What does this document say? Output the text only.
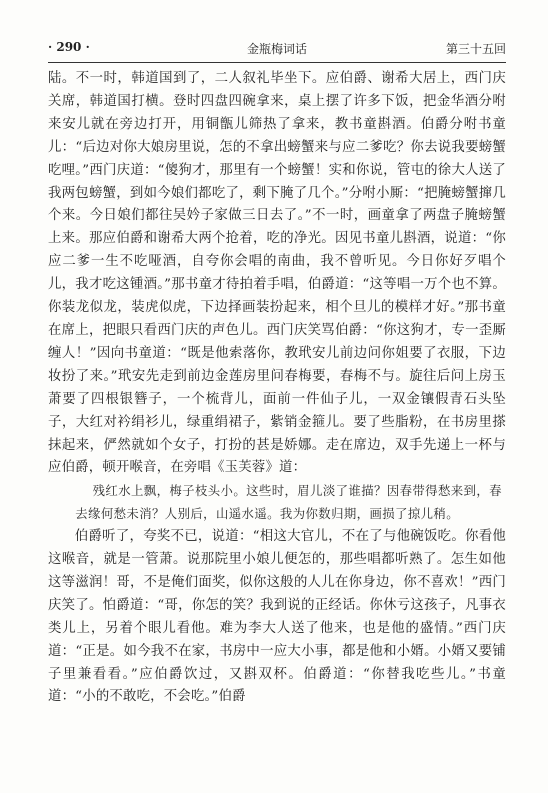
· 290 ·	金瓶梅词话	第三十五回

陆。不一时，韩道国到了，二人叙礼毕坐下。应伯爵、谢希大居上，西门庆关席，韩道国打横。登时四盘四碗拿来，桌上摆了许多下饭，把金华酒分咐来安儿就在旁边打开，用铜甑儿筛热了拿来，教书童斟酒。伯爵分咐书童儿：“后边对你大娘房里说，怎的不拿出螃蟹来与应二爹吃？你去说我要螃蟹吃哩。”西门庆道：“傻狗才，那里有一个螃蟹！实和你说，管屯的徐大人送了我两包螃蟹，到如今娘们都吃了，剩下腌了几个。”分咐小厮：“把腌螃蟹撺几个来。今日娘们都往吴妗子家做三日去了。”不一时，画童拿了两盘子腌螃蟹上来。那应伯爵和谢希大两个抢着，吃的净光。因见书童儿斟酒，说道：“你应二爹一生不吃哑酒，自夸你会唱的南曲，我不曾听见。今日你好歹唱个儿，我才吃这锺酒。”那书童才待拍着手唱，伯爵道：“这等唱一万个也不算。你装龙似龙，装虎似虎，下边择画装扮起来，相个旦儿的模样才好。”那书童在席上，把眼只看西门庆的声色儿。西门庆笑骂伯爵：“你这狗才，专一歪厮缠人！”因向书童道：“既是他索落你，教玳安儿前边问你姐要了衣服，下边妆扮了来。”玳安先走到前边金莲房里问春梅要，春梅不与。旋往后问上房玉萧要了四根银簪子，一个梳背儿，面前一件仙子儿，一双金镶假青石头坠子，大红对衿绢衫儿，绿重绢裙子，紫销金箍儿。要了些脂粉，在书房里搽抹起来，俨然就如个女子，打扮的甚是娇娜。走在席边，双手先递上一杯与应伯爵，顿开喉音，在旁唱《玉芙蓉》道：

残红水上飘，梅子枝头小。这些时，眉儿淡了谁描？因春带得愁来到，春去缘何愁未消？人别后，山遥水遥。我为你数归期，画损了掠儿稍。

伯爵听了，夸奖不已，说道：“相这大官儿，不在了与他碗饭吃。你看他这喉音，就是一管萧。说那院里小娘儿便怎的，那些唱都听熟了。怎生如他这等滋润！哥，不是俺们面奖，似你这般的人儿在你身边，你不喜欢！”西门庆笑了。怕爵道：“哥，你怎的笑？我到说的正经话。你休亏这孩子，凡事衣类儿上，另着个眼儿看他。难为李大人送了他来，也是他的盛情。”西门庆道：“正是。如今我不在家，书房中一应大小事，都是他和小婿。小婿又要铺子里兼看看。”应伯爵饮过，又斟双杯。伯爵道：“你替我吃些儿。”书童道：“小的不敢吃，不会吃。”伯爵
